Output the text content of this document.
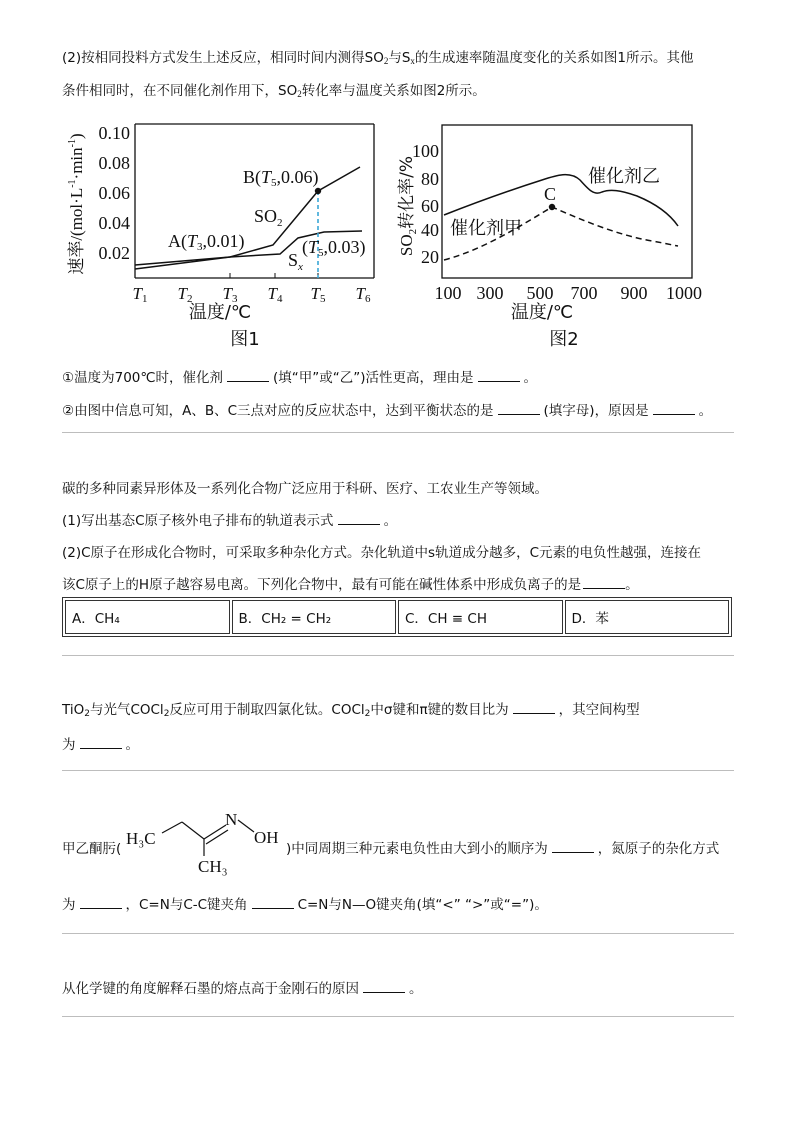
(2)按相同投料方式发生上述反应，相同时间内测得$SO_2$与$S_x$的生成速率随温度变化的关系如图1所示。其他
条件相同时，在不同催化剂作用下，$SO_2$转化率与温度关系如图2所示。
0.10
0.08
0.06
0.04
0.02
T1 T2 T3 T4 T5 T6
B(T5,0.06)
A(T3,0.01)	(T5,0.03)
$SO_2$
$S_x$
温度/℃
图1
速率$/(mol\cdot L^{-1}\cdot\min^{-1})$
100
80
60
40
20
100 300 500 700 900 1000
C
催化剂乙
催化剂甲
温度/℃
图2
$SO_2$转化率/%
①温度为700℃时，催化剂	(填“甲”或“乙”)活性更高，理由是	。
②由图中信息可知，A、B、C三点对应的反应状态中，达到平衡状态的是	(填字母)，原因是	。
碳的多种同素异形体及一系列化合物广泛应用于科研、医疗、工农业生产等领域。
(1)写出基态C原子核外电子排布的轨道表示式	。
(2)C原子在形成化合物时，可采取多种杂化方式。杂化轨道中s轨道成分越多，C元素的电负性越强，连接在
该C原子上的H原子越容易电离。下列化合物中，最有可能在碱性体系中形成负离子的是	。
A．CH₄	B．CH₂ = CH₂	C．CH ≡ CH	D．苯
TiO$_2$与光气COCl$_2$反应可用于制取四氯化钛。COCl$_2$中σ键和π键的数目比为	，其空间构型
为	。
甲乙酮肟(
H₃C
N
OH
CH₃
)中同周期三种元素电负性由大到小的顺序为	，氮原子的杂化方式
为	，C=N与C-C键夹角	C=N与N—O键夹角(填“<” “>”或“=”)。
从化学键的角度解释石墨的熔点高于金刚石的原因	。
